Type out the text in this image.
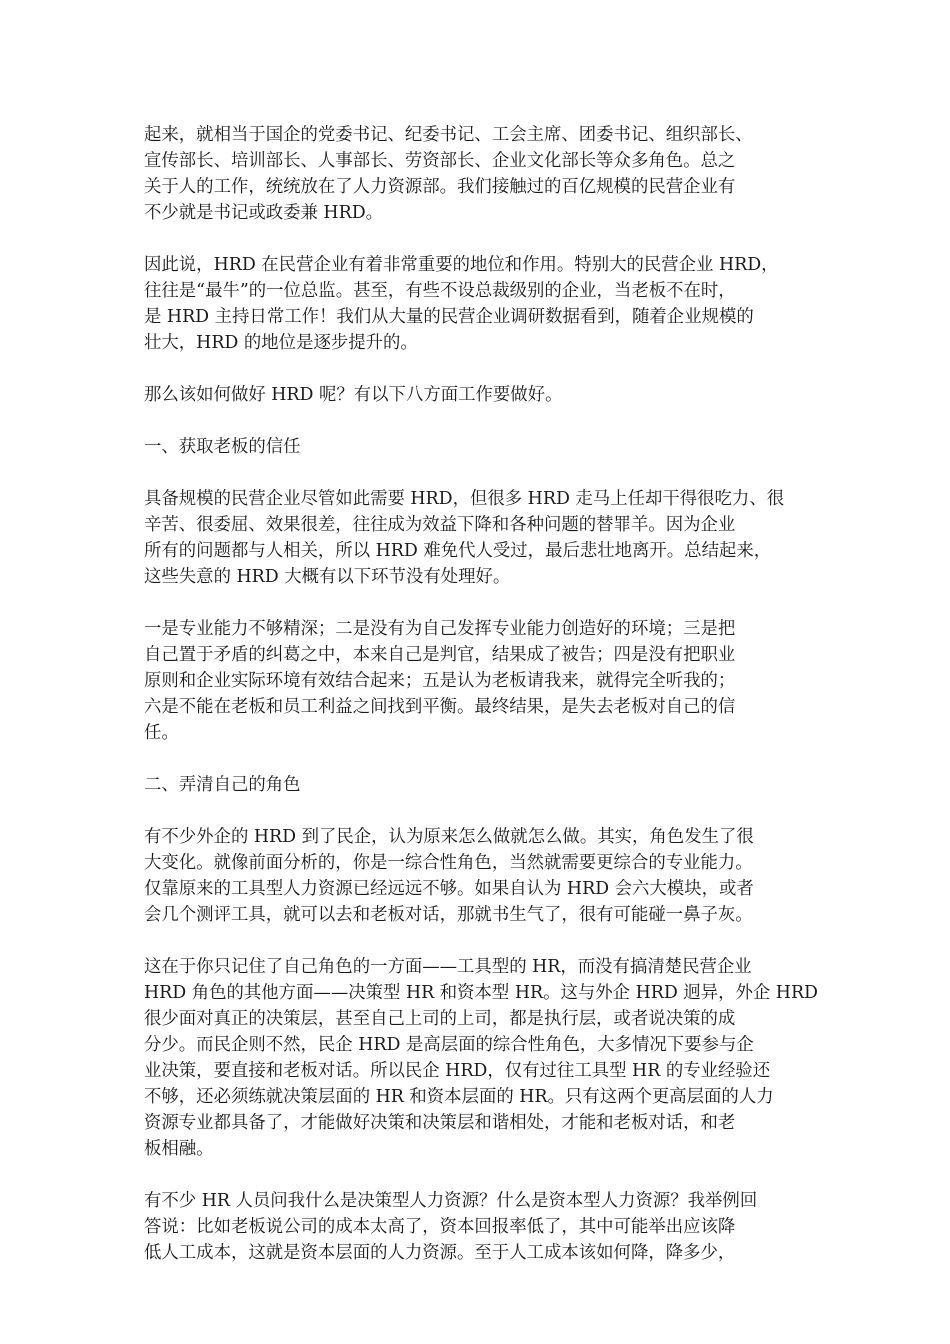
起来，就相当于国企的党委书记、纪委书记、工会主席、团委书记、组织部长、
宣传部长、培训部长、人事部长、劳资部长、企业文化部长等众多角色。总之
关于人的工作，统统放在了人力资源部。我们接触过的百亿规模的民营企业有
不少就是书记或政委兼 HRD。
因此说，HRD 在民营企业有着非常重要的地位和作用。特别大的民营企业 HRD，
往往是“最牛”的一位总监。甚至，有些不设总裁级别的企业，当老板不在时，
是 HRD 主持日常工作！我们从大量的民营企业调研数据看到，随着企业规模的
壮大，HRD 的地位是逐步提升的。
那么该如何做好 HRD 呢？有以下八方面工作要做好。
一、获取老板的信任
具备规模的民营企业尽管如此需要 HRD，但很多 HRD 走马上任却干得很吃力、很
辛苦、很委屈、效果很差，往往成为效益下降和各种问题的替罪羊。因为企业
所有的问题都与人相关，所以 HRD 难免代人受过，最后悲壮地离开。总结起来，
这些失意的 HRD 大概有以下环节没有处理好。
一是专业能力不够精深；二是没有为自己发挥专业能力创造好的环境；三是把
自己置于矛盾的纠葛之中，本来自己是判官，结果成了被告；四是没有把职业
原则和企业实际环境有效结合起来；五是认为老板请我来，就得完全听我的；
六是不能在老板和员工利益之间找到平衡。最终结果，是失去老板对自己的信
任。
二、弄清自己的角色
有不少外企的 HRD 到了民企，认为原来怎么做就怎么做。其实，角色发生了很
大变化。就像前面分析的，你是一综合性角色，当然就需要更综合的专业能力。
仅靠原来的工具型人力资源已经远远不够。如果自认为 HRD 会六大模块，或者
会几个测评工具，就可以去和老板对话，那就书生气了，很有可能碰一鼻子灰。
这在于你只记住了自己角色的一方面——工具型的 HR，而没有搞清楚民营企业
HRD 角色的其他方面——决策型 HR 和资本型 HR。这与外企 HRD 迥异，外企 HRD
很少面对真正的决策层，甚至自己上司的上司，都是执行层，或者说决策的成
分少。而民企则不然，民企 HRD 是高层面的综合性角色，大多情况下要参与企
业决策，要直接和老板对话。所以民企 HRD，仅有过往工具型 HR 的专业经验还
不够，还必须练就决策层面的 HR 和资本层面的 HR。只有这两个更高层面的人力
资源专业都具备了，才能做好决策和决策层和谐相处，才能和老板对话，和老
板相融。
有不少 HR 人员问我什么是决策型人力资源？什么是资本型人力资源？我举例回
答说：比如老板说公司的成本太高了，资本回报率低了，其中可能举出应该降
低人工成本，这就是资本层面的人力资源。至于人工成本该如何降，降多少，
